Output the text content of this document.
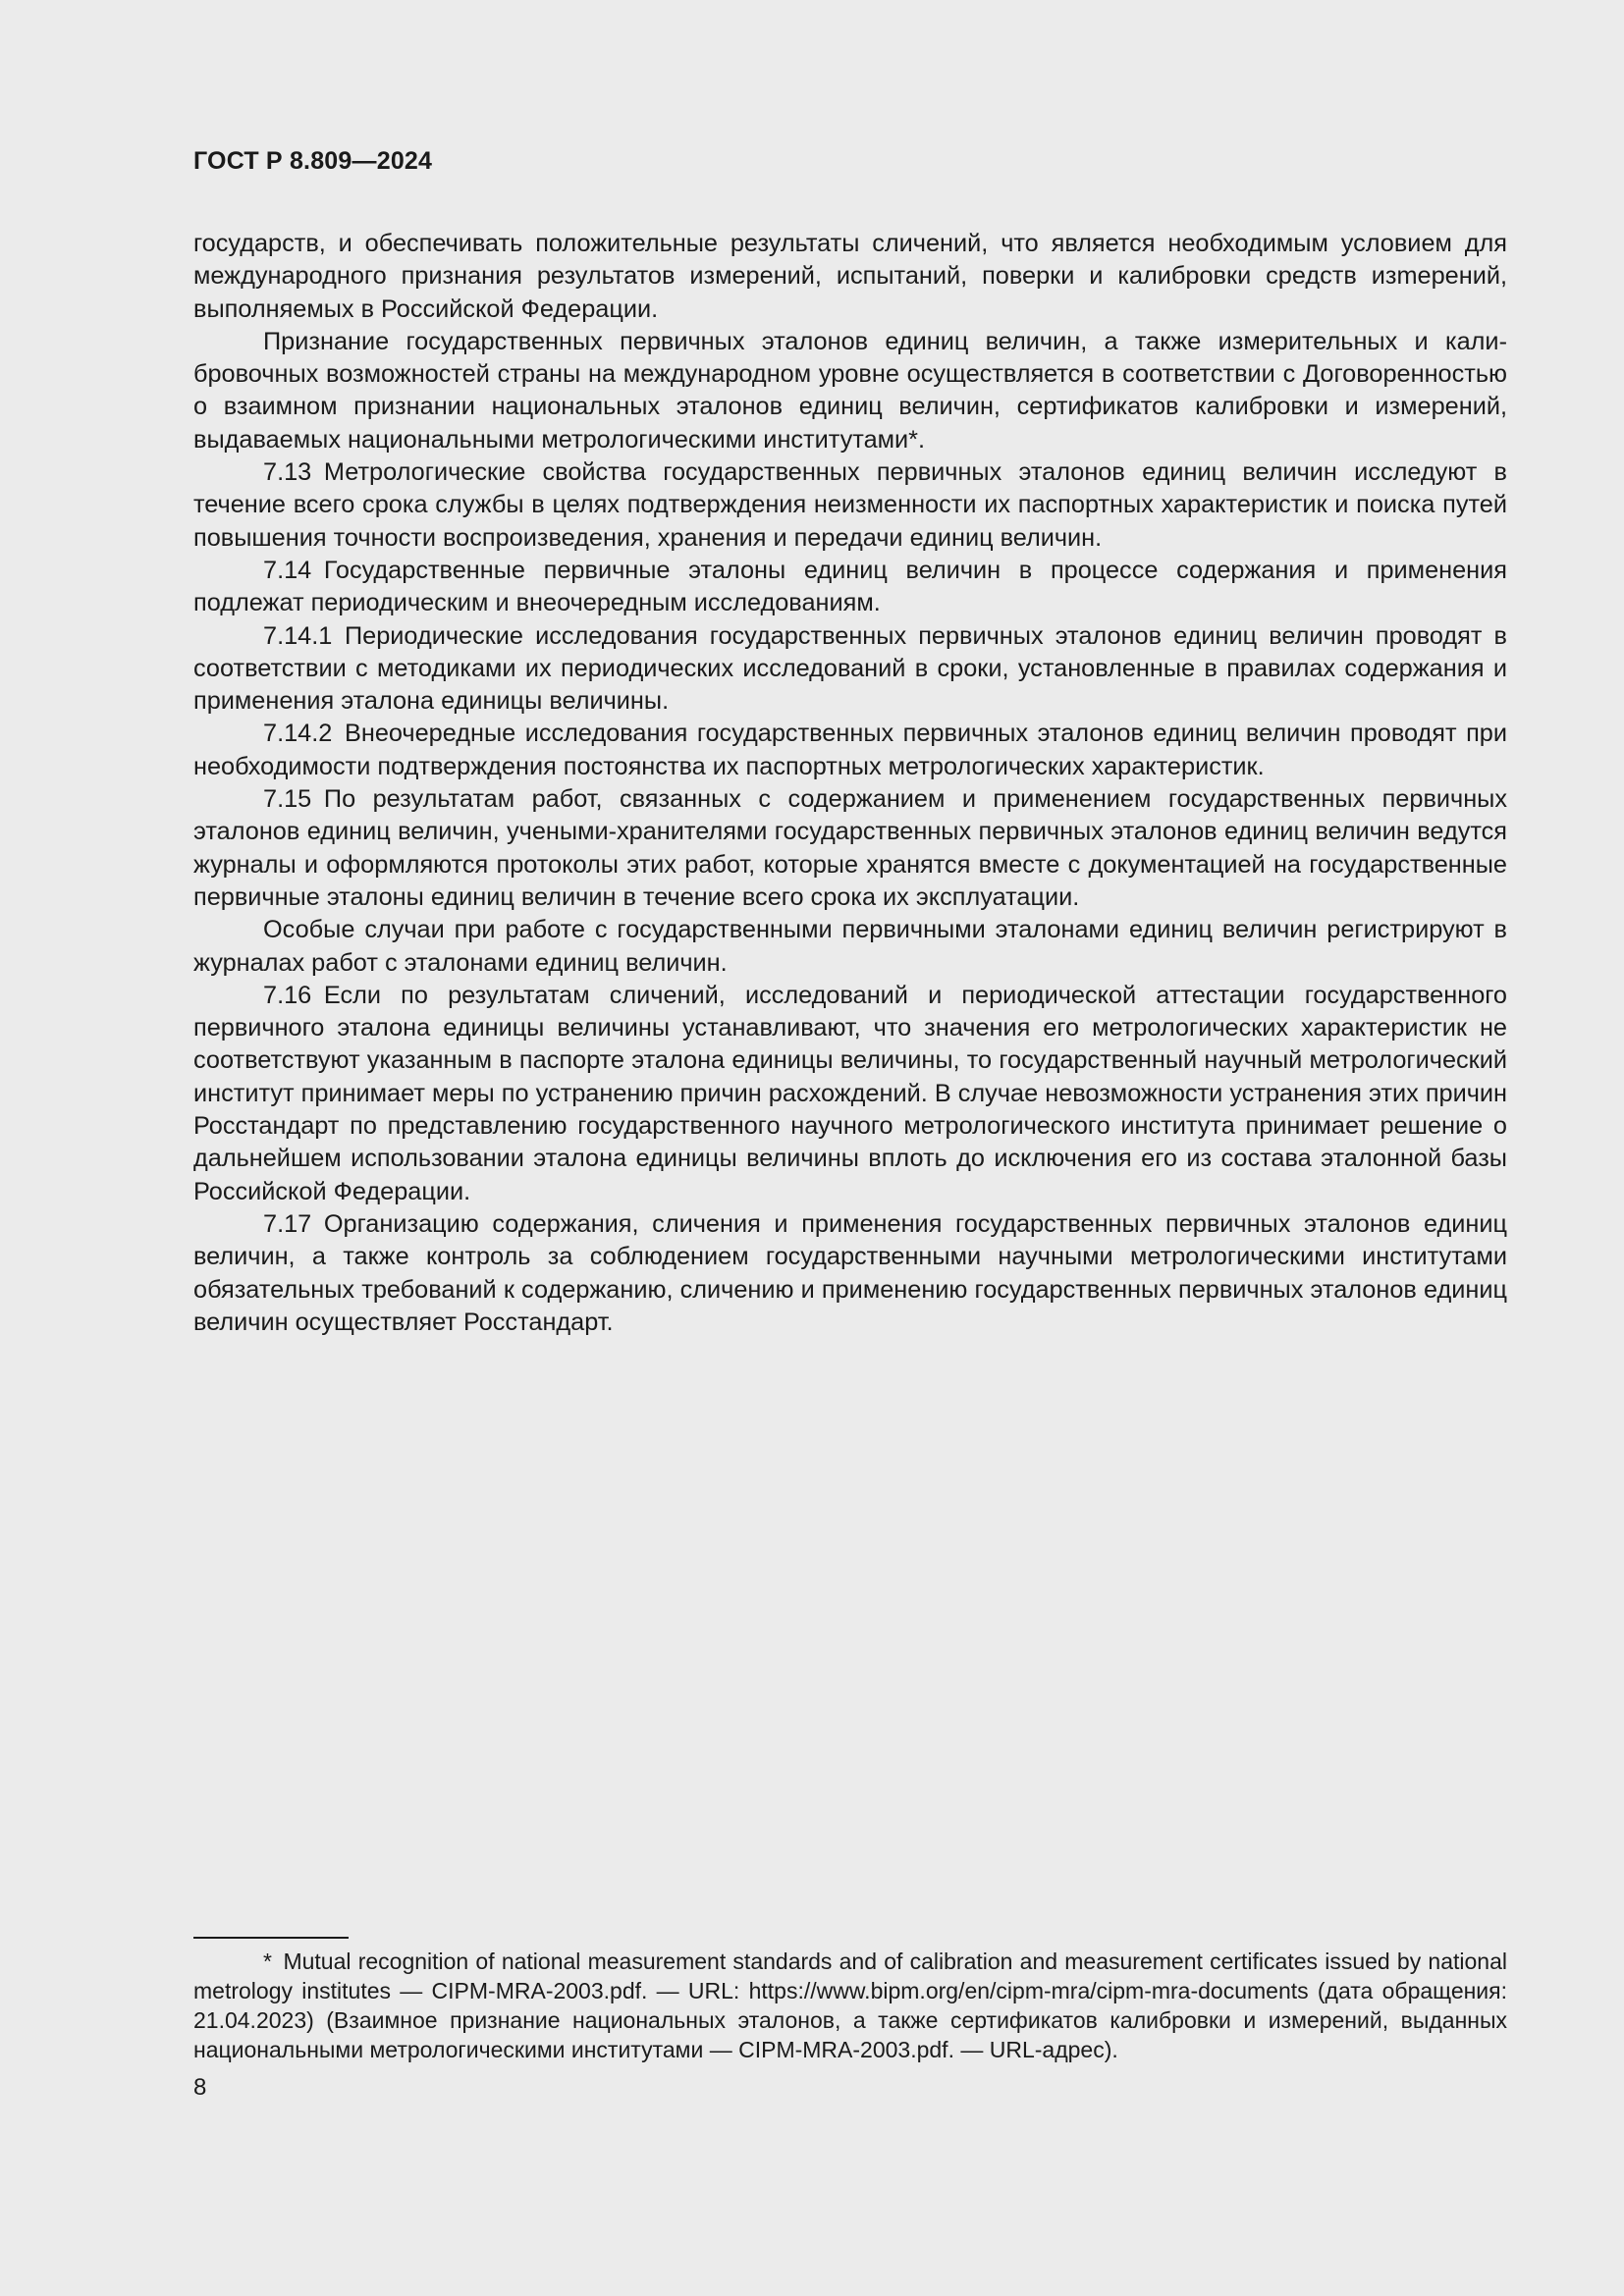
ГОСТ Р 8.809—2024

государств, и обеспечивать положительные результаты сличений, что является необходимым условием для международного признания результатов измерений, испытаний, поверки и калибровки средств изmерений, выполняемых в Российской Федерации.

Признание государственных первичных эталонов единиц величин, а также измерительных и калибровочных возможностей страны на международном уровне осуществляется в соответствии с Договоренностью о взаимном признании национальных эталонов единиц величин, сертификатов калибровки и измерений, выдаваемых национальными метрологическими институтами*.

7.13 Метрологические свойства государственных первичных эталонов единиц величин исследуют в течение всего срока службы в целях подтверждения неизменности их паспортных характеристик и поиска путей повышения точности воспроизведения, хранения и передачи единиц величин.

7.14 Государственные первичные эталоны единиц величин в процессе содержания и применения подлежат периодическим и внеочередным исследованиям.

7.14.1 Периодические исследования государственных первичных эталонов единиц величин проводят в соответствии с методиками их периодических исследований в сроки, установленные в правилах содержания и применения эталона единицы величины.

7.14.2 Внеочередные исследования государственных первичных эталонов единиц величин проводят при необходимости подтверждения постоянства их паспортных метрологических характеристик.

7.15 По результатам работ, связанных с содержанием и применением государственных первичных эталонов единиц величин, учеными-хранителями государственных первичных эталонов единиц величин ведутся журналы и оформляются протоколы этих работ, которые хранятся вместе с документацией на государственные первичные эталоны единиц величин в течение всего срока их эксплуатации.

Особые случаи при работе с государственными первичными эталонами единиц величин регистрируют в журналах работ с эталонами единиц величин.

7.16 Если по результатам сличений, исследований и периодической аттестации государственного первичного эталона единицы величины устанавливают, что значения его метрологических характеристик не соответствуют указанным в паспорте эталона единицы величины, то государственный научный метрологический институт принимает меры по устранению причин расхождений. В случае невозможности устранения этих причин Росстандарт по представлению государственного научного метрологического института принимает решение о дальнейшем использовании эталона единицы величины вплоть до исключения его из состава эталонной базы Российской Федерации.

7.17 Организацию содержания, сличения и применения государственных первичных эталонов единиц величин, а также контроль за соблюдением государственными научными метрологическими институтами обязательных требований к содержанию, сличению и применению государственных первичных эталонов единиц величин осуществляет Росстандарт.

* Mutual recognition of national measurement standards and of calibration and measurement certificates issued by national metrology institutes — CIPM-MRA-2003.pdf. — URL: https://www.bipm.org/en/cipm-mra/cipm-mra-documents (дата обращения: 21.04.2023) (Взаимное признание национальных эталонов, а также сертификатов калибровки и измерений, выданных национальными метрологическими институтами — CIPM-MRA-2003.pdf. — URL-адрес).

8
